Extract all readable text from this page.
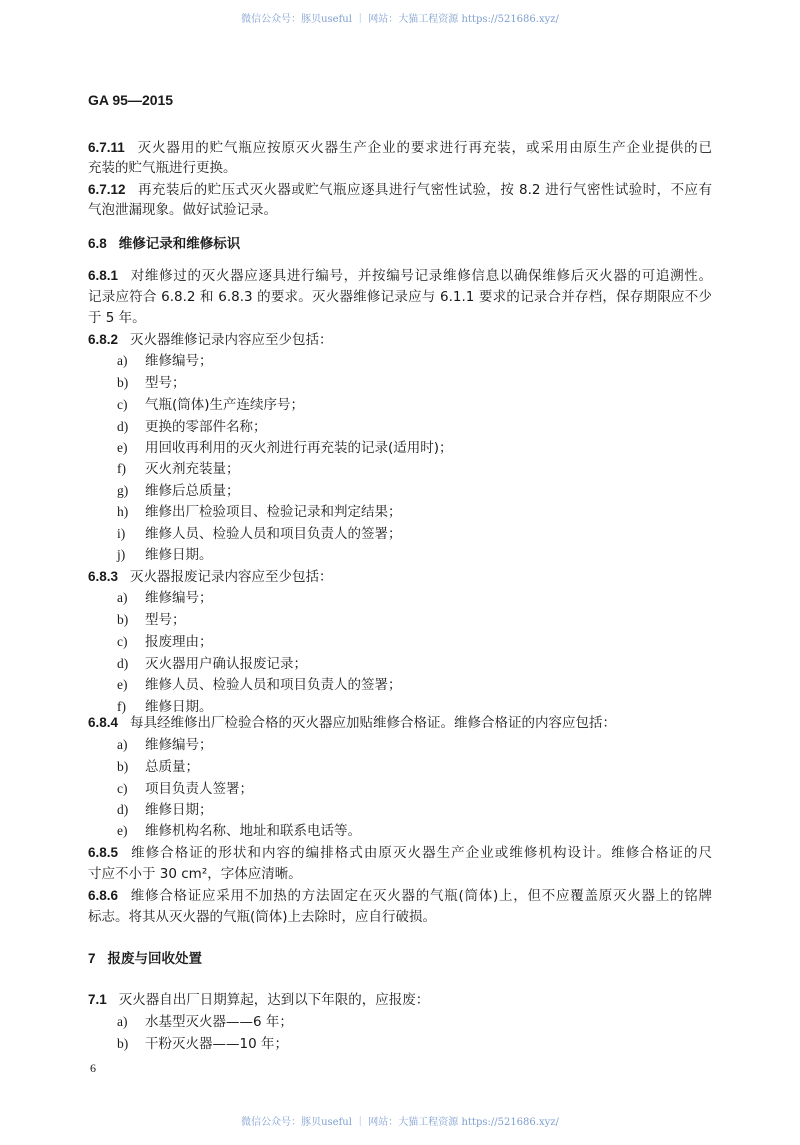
微信公众号：豚贝useful ｜ 网站：大猫工程资源 https://521686.xyz/
GA 95—2015
6.7.11 灭火器用的贮气瓶应按原灭火器生产企业的要求进行再充装，或采用由原生产企业提供的已
充装的贮气瓶进行更换。
6.7.12 再充装后的贮压式灭火器或贮气瓶应逐具进行气密性试验，按 8.2 进行气密性试验时，不应有
气泡泄漏现象。做好试验记录。
6.8 维修记录和维修标识
6.8.1 对维修过的灭火器应逐具进行编号，并按编号记录维修信息以确保维修后灭火器的可追溯性。
记录应符合 6.8.2 和 6.8.3 的要求。灭火器维修记录应与 6.1.1 要求的记录合并存档，保存期限应不少
于 5 年。
6.8.2 灭火器维修记录内容应至少包括：
a) 维修编号；
b) 型号；
c) 气瓶(筒体)生产连续序号；
d) 更换的零部件名称；
e) 用回收再利用的灭火剂进行再充装的记录(适用时)；
f) 灭火剂充装量；
g) 维修后总质量；
h) 维修出厂检验项目、检验记录和判定结果；
i) 维修人员、检验人员和项目负责人的签署；
j) 维修日期。
6.8.3 灭火器报废记录内容应至少包括：
a) 维修编号；
b) 型号；
c) 报废理由；
d) 灭火器用户确认报废记录；
e) 维修人员、检验人员和项目负责人的签署；
f) 维修日期。
6.8.4 每具经维修出厂检验合格的灭火器应加贴维修合格证。维修合格证的内容应包括：
a) 维修编号；
b) 总质量；
c) 项目负责人签署；
d) 维修日期；
e) 维修机构名称、地址和联系电话等。
6.8.5 维修合格证的形状和内容的编排格式由原灭火器生产企业或维修机构设计。维修合格证的尺
寸应不小于 30 cm²，字体应清晰。
6.8.6 维修合格证应采用不加热的方法固定在灭火器的气瓶(筒体)上，但不应覆盖原灭火器上的铭牌
标志。将其从灭火器的气瓶(筒体)上去除时，应自行破损。
7 报废与回收处置
7.1 灭火器自出厂日期算起，达到以下年限的，应报废：
a) 水基型灭火器——6 年；
b) 干粉灭火器——10 年；
6
微信公众号：豚贝useful ｜ 网站：大猫工程资源 https://521686.xyz/
